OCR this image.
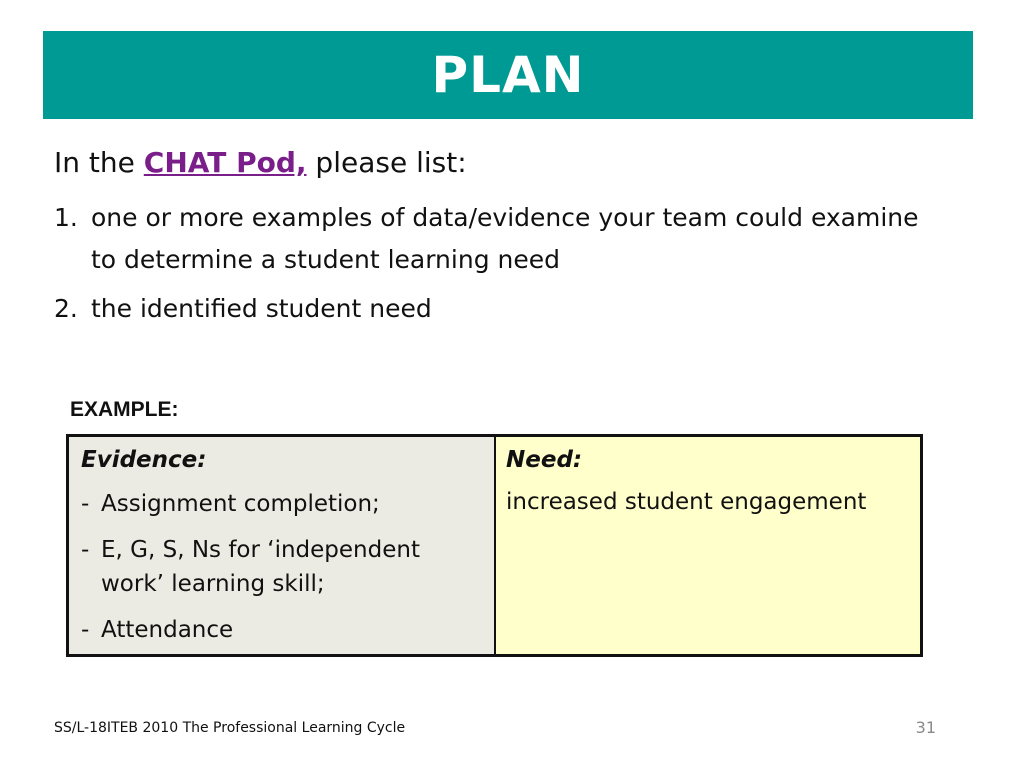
PLAN
In the CHAT Pod, please list:
1. one or more examples of data/evidence your team could examine to determine a student learning need
2. the identified student need
EXAMPLE:
Evidence:
- Assignment completion;
- E, G, S, Ns for ‘independent work’ learning skill;
- Attendance
Need:
increased student engagement
SS/L-18ITEB 2010 The Professional Learning Cycle	31
